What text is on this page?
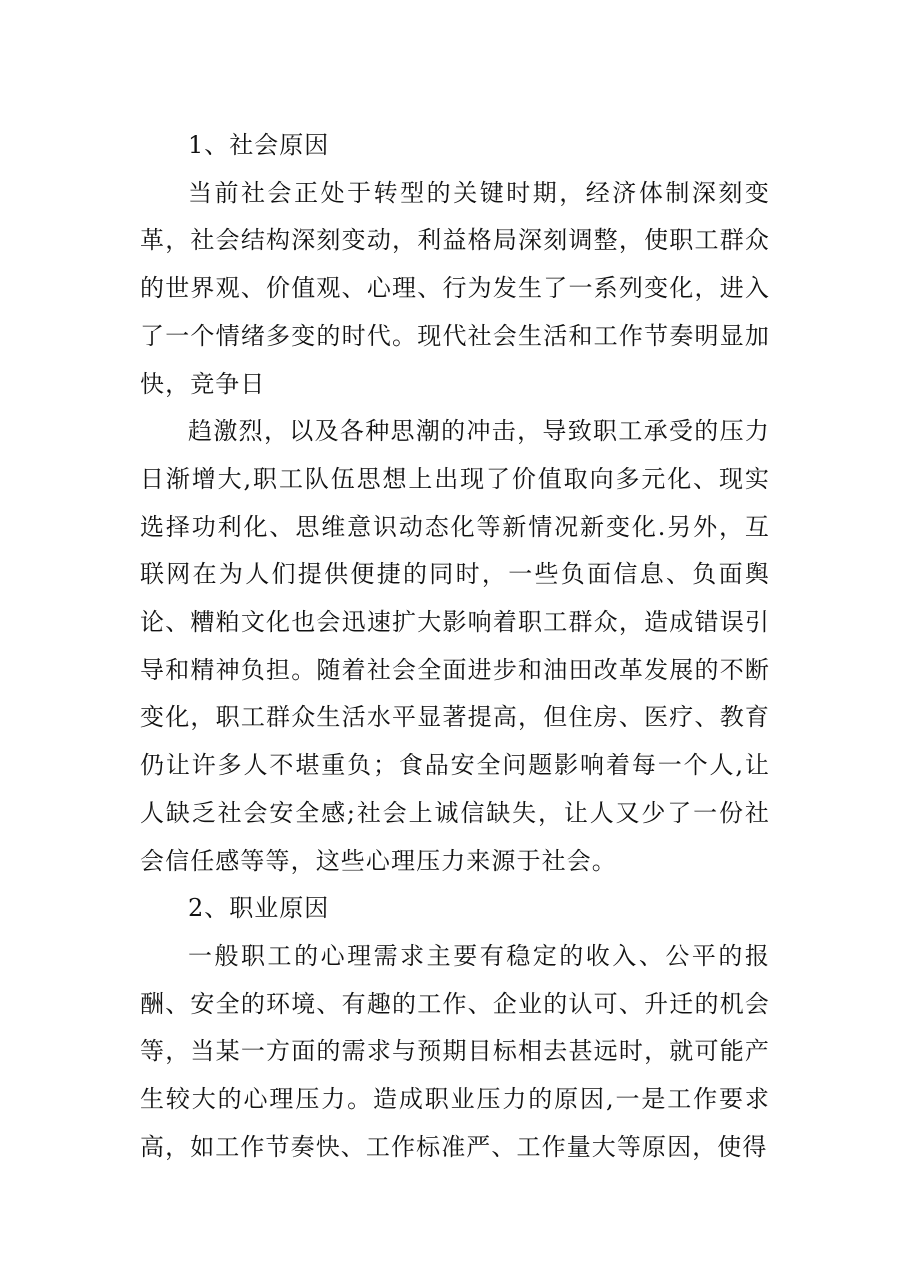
1、社会原因

当前社会正处于转型的关键时期，经济体制深刻变革，社会结构深刻变动，利益格局深刻调整，使职工群众的世界观、价值观、心理、行为发生了一系列变化，进入了一个情绪多变的时代。现代社会生活和工作节奏明显加快，竞争日

趋激烈，以及各种思潮的冲击，导致职工承受的压力日渐增大,职工队伍思想上出现了价值取向多元化、现实选择功利化、思维意识动态化等新情况新变化.另外，互联网在为人们提供便捷的同时，一些负面信息、负面舆论、糟粕文化也会迅速扩大影响着职工群众，造成错误引导和精神负担。随着社会全面进步和油田改革发展的不断变化，职工群众生活水平显著提高，但住房、医疗、教育仍让许多人不堪重负；食品安全问题影响着每一个人,让人缺乏社会安全感;社会上诚信缺失，让人又少了一份社会信任感等等，这些心理压力来源于社会。

2、职业原因

一般职工的心理需求主要有稳定的收入、公平的报酬、安全的环境、有趣的工作、企业的认可、升迁的机会等，当某一方面的需求与预期目标相去甚远时，就可能产生较大的心理压力。造成职业压力的原因,一是工作要求高，如工作节奏快、工作标准严、工作量大等原因，使得
